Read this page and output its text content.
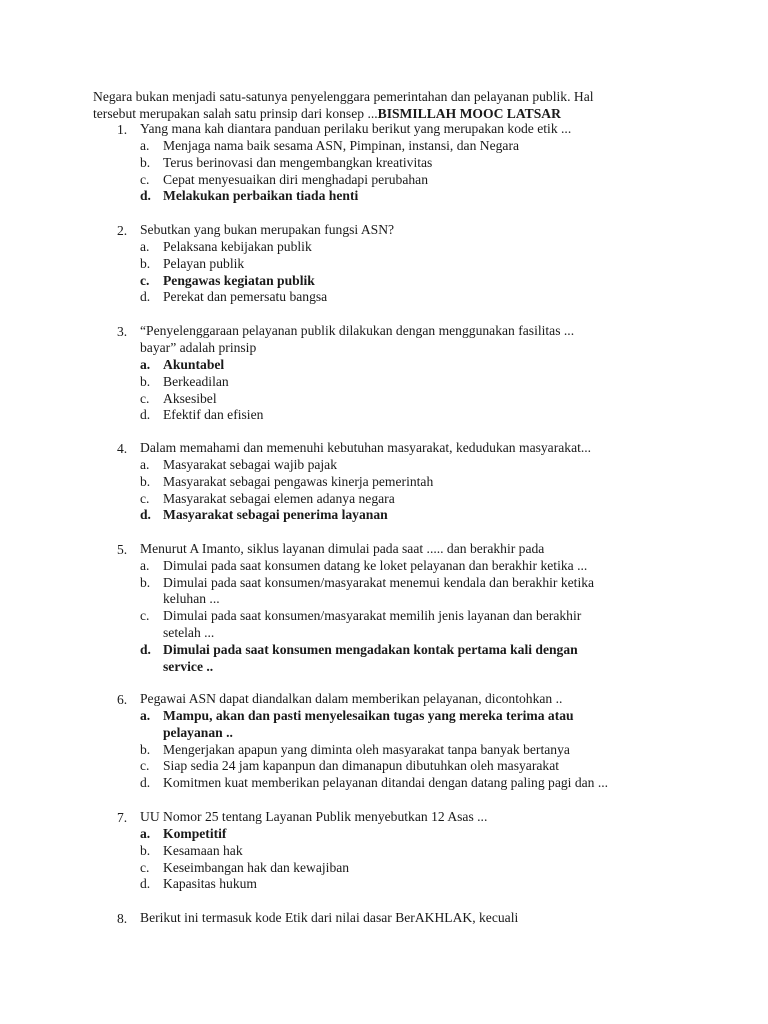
Negara bukan menjadi satu-satunya penyelenggara pemerintahan dan pelayanan publik. Hal
tersebut merupakan salah satu prinsip dari konsep ...BISMILLAH MOOC LATSAR
1. Yang mana kah diantara panduan perilaku berikut yang merupakan kode etik ...
a. Menjaga nama baik sesama ASN, Pimpinan, instansi, dan Negara
b. Terus berinovasi dan mengembangkan kreativitas
c. Cepat menyesuaikan diri menghadapi perubahan
d. Melakukan perbaikan tiada henti
2. Sebutkan yang bukan merupakan fungsi ASN?
a. Pelaksana kebijakan publik
b. Pelayan publik
c. Pengawas kegiatan publik
d. Perekat dan pemersatu bangsa
3. “Penyelenggaraan pelayanan publik dilakukan dengan menggunakan fasilitas ...
bayar” adalah prinsip
a. Akuntabel
b. Berkeadilan
c. Aksesibel
d. Efektif dan efisien
4. Dalam memahami dan memenuhi kebutuhan masyarakat, kedudukan masyarakat...
a. Masyarakat sebagai wajib pajak
b. Masyarakat sebagai pengawas kinerja pemerintah
c. Masyarakat sebagai elemen adanya negara
d. Masyarakat sebagai penerima layanan
5. Menurut A Imanto, siklus layanan dimulai pada saat ..... dan berakhir pada
a. Dimulai pada saat konsumen datang ke loket pelayanan dan berakhir ketika ...
b. Dimulai pada saat konsumen/masyarakat menemui kendala dan berakhir ketika
keluhan ...
c. Dimulai pada saat konsumen/masyarakat memilih jenis layanan dan berakhir
setelah ...
d. Dimulai pada saat konsumen mengadakan kontak pertama kali dengan
service ..
6. Pegawai ASN dapat diandalkan dalam memberikan pelayanan, dicontohkan ..
a. Mampu, akan dan pasti menyelesaikan tugas yang mereka terima atau
pelayanan ..
b. Mengerjakan apapun yang diminta oleh masyarakat tanpa banyak bertanya
c. Siap sedia 24 jam kapanpun dan dimanapun dibutuhkan oleh masyarakat
d. Komitmen kuat memberikan pelayanan ditandai dengan datang paling pagi dan ...
7. UU Nomor 25 tentang Layanan Publik menyebutkan 12 Asas ...
a. Kompetitif
b. Kesamaan hak
c. Keseimbangan hak dan kewajiban
d. Kapasitas hukum
8. Berikut ini termasuk kode Etik dari nilai dasar BerAKHLAK, kecuali
